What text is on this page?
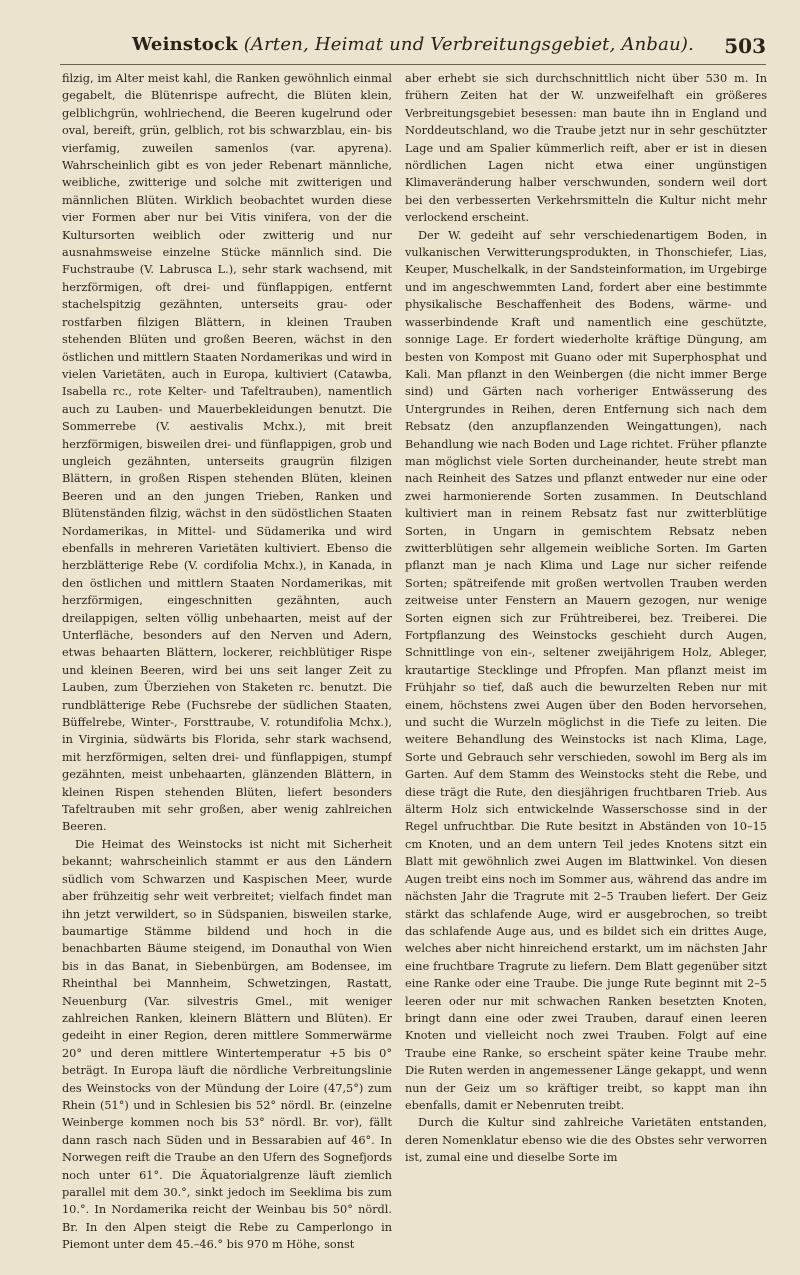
Weinstock (Arten, Heimat und Verbreitungsgebiet, Anbau).	503

filzig, im Alter meist kahl, die Ranken gewöhnlich einmal gegabelt, die Blütenrispe aufrecht, die Blüten klein, gelblichgrün, wohlriechend, die Beeren kugelrund oder oval, bereift, grün, gelblich, rot bis schwarzblau, ein- bis vierfamig, zuweilen samenlos (var. apyrena). Wahrscheinlich gibt es von jeder Rebenart männliche, weibliche, zwitterige und solche mit zwitterigen und männlichen Blüten. Wirklich beobachtet wurden diese vier Formen aber nur bei Vitis vinifera, von der die Kultursorten weiblich oder zwitterig und nur ausnahmsweise einzelne Stücke männlich sind. Die Fuchstraube (V. Labrusca L.), sehr stark wachsend, mit herzförmigen, oft drei- und fünflappigen, entfernt stachelspitzig gezähnten, unterseits grau- oder rostfarben filzigen Blättern, in kleinen Trauben stehenden Blüten und großen Beeren, wächst in den östlichen und mittlern Staaten Nordamerikas und wird in vielen Varietäten, auch in Europa, kultiviert (Catawba, Isabella rc., rote Kelter- und Tafeltrauben), namentlich auch zu Lauben- und Mauerbekleidungen benutzt. Die Sommerrebe (V. aestivalis Mchx.), mit breit herzförmigen, bisweilen drei- und fünflappigen, grob und ungleich gezähnten, unterseits graugrün filzigen Blättern, in großen Rispen stehenden Blüten, kleinen Beeren und an den jungen Trieben, Ranken und Blütenständen filzig, wächst in den südöstlichen Staaten Nordamerikas, in Mittel- und Südamerika und wird ebenfalls in mehreren Varietäten kultiviert. Ebenso die herzblätterige Rebe (V. cordifolia Mchx.), in Kanada, in den östlichen und mittlern Staaten Nordamerikas, mit herzförmigen, eingeschnitten gezähnten, auch dreilappigen, selten völlig unbehaarten, meist auf der Unterfläche, besonders auf den Nerven und Adern, etwas behaarten Blättern, lockerer, reichblütiger Rispe und kleinen Beeren, wird bei uns seit langer Zeit zu Lauben, zum Überziehen von Staketen rc. benutzt. Die rundblätterige Rebe (Fuchsrebe der südlichen Staaten, Büffelrebe, Winter-, Forsttraube, V. rotundifolia Mchx.), in Virginia, südwärts bis Florida, sehr stark wachsend, mit herzförmigen, selten drei- und fünflappigen, stumpf gezähnten, meist unbehaarten, glänzenden Blättern, in kleinen Rispen stehenden Blüten, liefert besonders Tafeltrauben mit sehr großen, aber wenig zahlreichen Beeren.

Die Heimat des Weinstocks ist nicht mit Sicherheit bekannt; wahrscheinlich stammt er aus den Ländern südlich vom Schwarzen und Kaspischen Meer, wurde aber frühzeitig sehr weit verbreitet; vielfach findet man ihn jetzt verwildert, so in Südspanien, bisweilen starke, baumartige Stämme bildend und hoch in die benachbarten Bäume steigend, im Donauthal von Wien bis in das Banat, in Siebenbürgen, am Bodensee, im Rheinthal bei Mannheim, Schwetzingen, Rastatt, Neuenburg (Var. silvestris Gmel., mit weniger zahlreichen Ranken, kleinern Blättern und Blüten). Er gedeiht in einer Region, deren mittlere Sommerwärme 20° und deren mittlere Wintertemperatur +5 bis 0° beträgt. In Europa läuft die nördliche Verbreitungslinie des Weinstocks von der Mündung der Loire (47,5°) zum Rhein (51°) und in Schlesien bis 52° nördl. Br. (einzelne Weinberge kommen noch bis 53° nördl. Br. vor), fällt dann rasch nach Süden und in Bessarabien auf 46°. In Norwegen reift die Traube an den Ufern des Sognefjords noch unter 61°. Die Äquatorialgrenze läuft ziemlich parallel mit dem 30.°, sinkt jedoch im Seeklima bis zum 10.°. In Nordamerika reicht der Weinbau bis 50° nördl. Br. In den Alpen steigt die Rebe zu Camperlongo in Piemont unter dem 45.–46.° bis 970 m Höhe, sonst

aber erhebt sie sich durchschnittlich nicht über 530 m. In frühern Zeiten hat der W. unzweifelhaft ein größeres Verbreitungsgebiet besessen: man baute ihn in England und Norddeutschland, wo die Traube jetzt nur in sehr geschützter Lage und am Spalier kümmerlich reift, aber er ist in diesen nördlichen Lagen nicht etwa einer ungünstigen Klimaveränderung halber verschwunden, sondern weil dort bei den verbesserten Verkehrsmitteln die Kultur nicht mehr verlockend erscheint.

Der W. gedeiht auf sehr verschiedenartigem Boden, in vulkanischen Verwitterungsprodukten, in Thonschiefer, Lias, Keuper, Muschelkalk, in der Sandsteinformation, im Urgebirge und im angeschwemmten Land, fordert aber eine bestimmte physikalische Beschaffenheit des Bodens, wärme- und wasserbindende Kraft und namentlich eine geschützte, sonnige Lage. Er fordert wiederholte kräftige Düngung, am besten von Kompost mit Guano oder mit Superphosphat und Kali. Man pflanzt in den Weinbergen (die nicht immer Berge sind) und Gärten nach vorheriger Entwässerung des Untergrundes in Reihen, deren Entfernung sich nach dem Rebsatz (den anzupflanzenden Weingattungen), nach Behandlung wie nach Boden und Lage richtet. Früher pflanzte man möglichst viele Sorten durcheinander, heute strebt man nach Reinheit des Satzes und pflanzt entweder nur eine oder zwei harmonierende Sorten zusammen. In Deutschland kultiviert man in reinem Rebsatz fast nur zwitterblütige Sorten, in Ungarn in gemischtem Rebsatz neben zwitterblütigen sehr allgemein weibliche Sorten. Im Garten pflanzt man je nach Klima und Lage nur sicher reifende Sorten; spätreifende mit großen wertvollen Trauben werden zeitweise unter Fenstern an Mauern gezogen, nur wenige Sorten eignen sich zur Frühtreiberei, bez. Treiberei. Die Fortpflanzung des Weinstocks geschieht durch Augen, Schnittlinge von ein-, seltener zweijährigem Holz, Ableger, krautartige Stecklinge und Pfropfen. Man pflanzt meist im Frühjahr so tief, daß auch die bewurzelten Reben nur mit einem, höchstens zwei Augen über den Boden hervorsehen, und sucht die Wurzeln möglichst in die Tiefe zu leiten. Die weitere Behandlung des Weinstocks ist nach Klima, Lage, Sorte und Gebrauch sehr verschieden, sowohl im Berg als im Garten. Auf dem Stamm des Weinstocks steht die Rebe, und diese trägt die Rute, den diesjährigen fruchtbaren Trieb. Aus älterm Holz sich entwickelnde Wasserschosse sind in der Regel unfruchtbar. Die Rute besitzt in Abständen von 10–15 cm Knoten, und an dem untern Teil jedes Knotens sitzt ein Blatt mit gewöhnlich zwei Augen im Blattwinkel. Von diesen Augen treibt eins noch im Sommer aus, während das andre im nächsten Jahr die Tragrute mit 2–5 Trauben liefert. Der Geiz stärkt das schlafende Auge, wird er ausgebrochen, so treibt das schlafende Auge aus, und es bildet sich ein drittes Auge, welches aber nicht hinreichend erstarkt, um im nächsten Jahr eine fruchtbare Tragrute zu liefern. Dem Blatt gegenüber sitzt eine Ranke oder eine Traube. Die junge Rute beginnt mit 2–5 leeren oder nur mit schwachen Ranken besetzten Knoten, bringt dann eine oder zwei Trauben, darauf einen leeren Knoten und vielleicht noch zwei Trauben. Folgt auf eine Traube eine Ranke, so erscheint später keine Traube mehr. Die Ruten werden in angemessener Länge gekappt, und wenn nun der Geiz um so kräftiger treibt, so kappt man ihn ebenfalls, damit er Nebenruten treibt.

Durch die Kultur sind zahlreiche Varietäten entstanden, deren Nomenklatur ebenso wie die des Obstes sehr verworren ist, zumal eine und dieselbe Sorte im
